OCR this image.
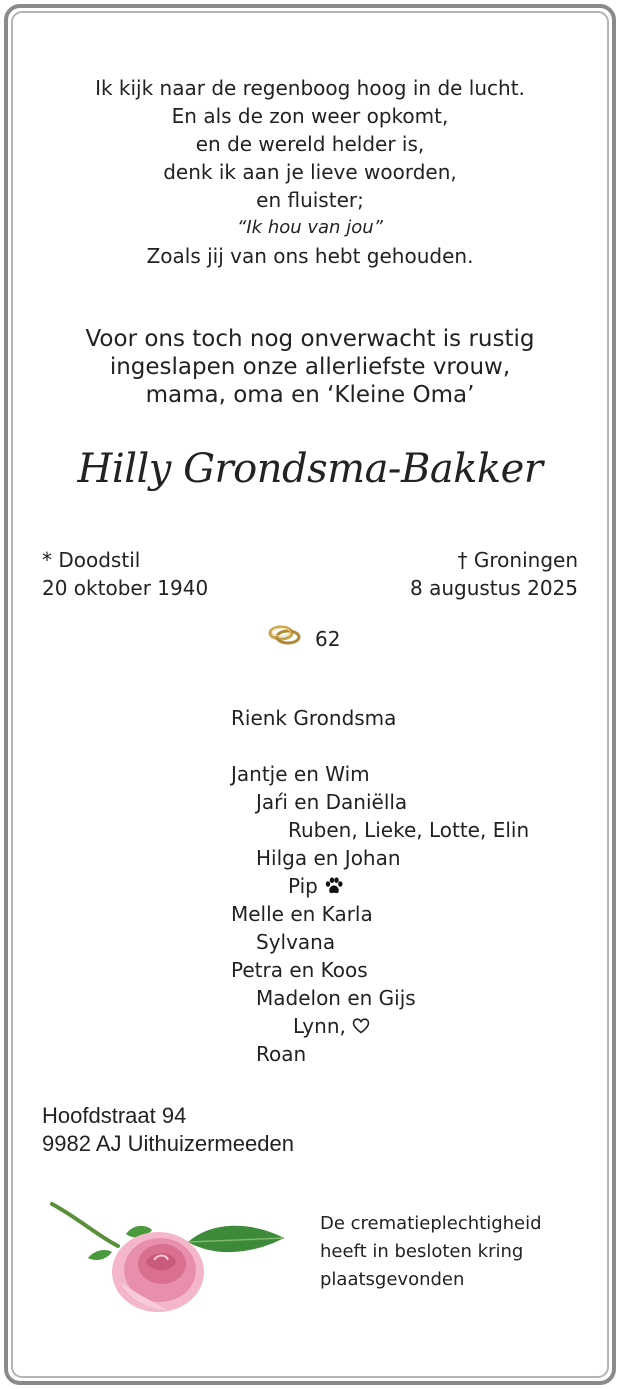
Ik kijk naar de regenboog hoog in de lucht.
En als de zon weer opkomt,
en de wereld helder is,
denk ik aan je lieve woorden,
en fluister;
“Ik hou van jou”
Zoals jij van ons hebt gehouden.
Voor ons toch nog onverwacht is rustig
ingeslapen onze allerliefste vrouw,
mama, oma en ‘Kleine Oma’
Hilly Grondsma-Bakker
* Doodstil
20 oktober 1940
† Groningen
8 augustus 2025
62
Rienk Grondsma
Jantje en Wim
Jaŕi en Daniëlla
Ruben, Lieke, Lotte, Elin
Hilga en Johan
Pip
Melle en Karla
Sylvana
Petra en Koos
Madelon en Gijs
Lynn,
Roan
Hoofdstraat 94
9982 AJ Uithuizermeeden
De crematieplechtigheid
heeft in besloten kring
plaatsgevonden
